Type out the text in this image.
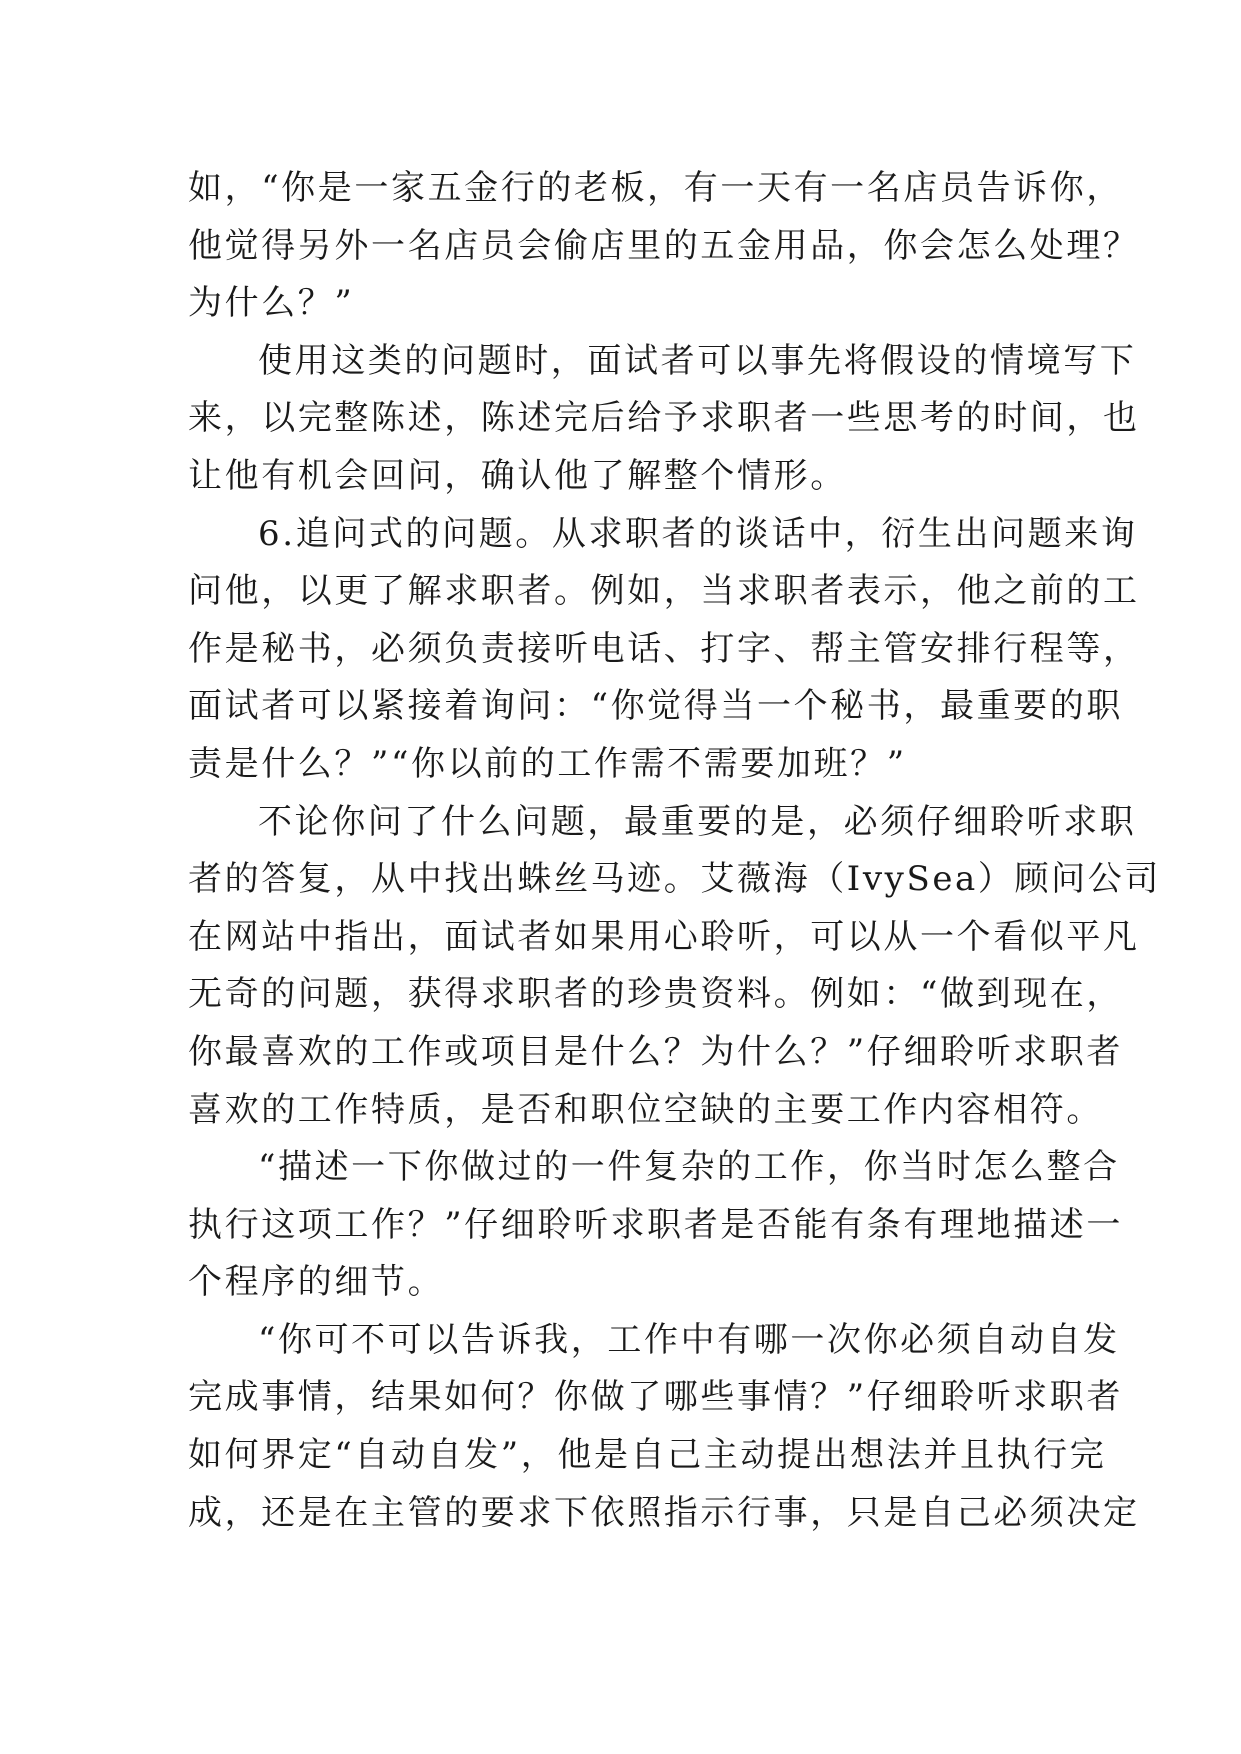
如，“你是一家五金行的老板，有一天有一名店员告诉你，
他觉得另外一名店员会偷店里的五金用品，你会怎么处理？
为什么？”
使用这类的问题时，面试者可以事先将假设的情境写下
来，以完整陈述，陈述完后给予求职者一些思考的时间，也
让他有机会回问，确认他了解整个情形。
6.追问式的问题。从求职者的谈话中，衍生出问题来询
问他，以更了解求职者。例如，当求职者表示，他之前的工
作是秘书，必须负责接听电话、打字、帮主管安排行程等，
面试者可以紧接着询问：“你觉得当一个秘书，最重要的职
责是什么？”“你以前的工作需不需要加班？”
不论你问了什么问题，最重要的是，必须仔细聆听求职
者的答复，从中找出蛛丝马迹。艾薇海（IvySea）顾问公司
在网站中指出，面试者如果用心聆听，可以从一个看似平凡
无奇的问题，获得求职者的珍贵资料。例如：“做到现在，
你最喜欢的工作或项目是什么？为什么？”仔细聆听求职者
喜欢的工作特质，是否和职位空缺的主要工作内容相符。
“描述一下你做过的一件复杂的工作，你当时怎么整合
执行这项工作？”仔细聆听求职者是否能有条有理地描述一
个程序的细节。
“你可不可以告诉我，工作中有哪一次你必须自动自发
完成事情，结果如何？你做了哪些事情？”仔细聆听求职者
如何界定“自动自发”，他是自己主动提出想法并且执行完
成，还是在主管的要求下依照指示行事，只是自己必须决定
